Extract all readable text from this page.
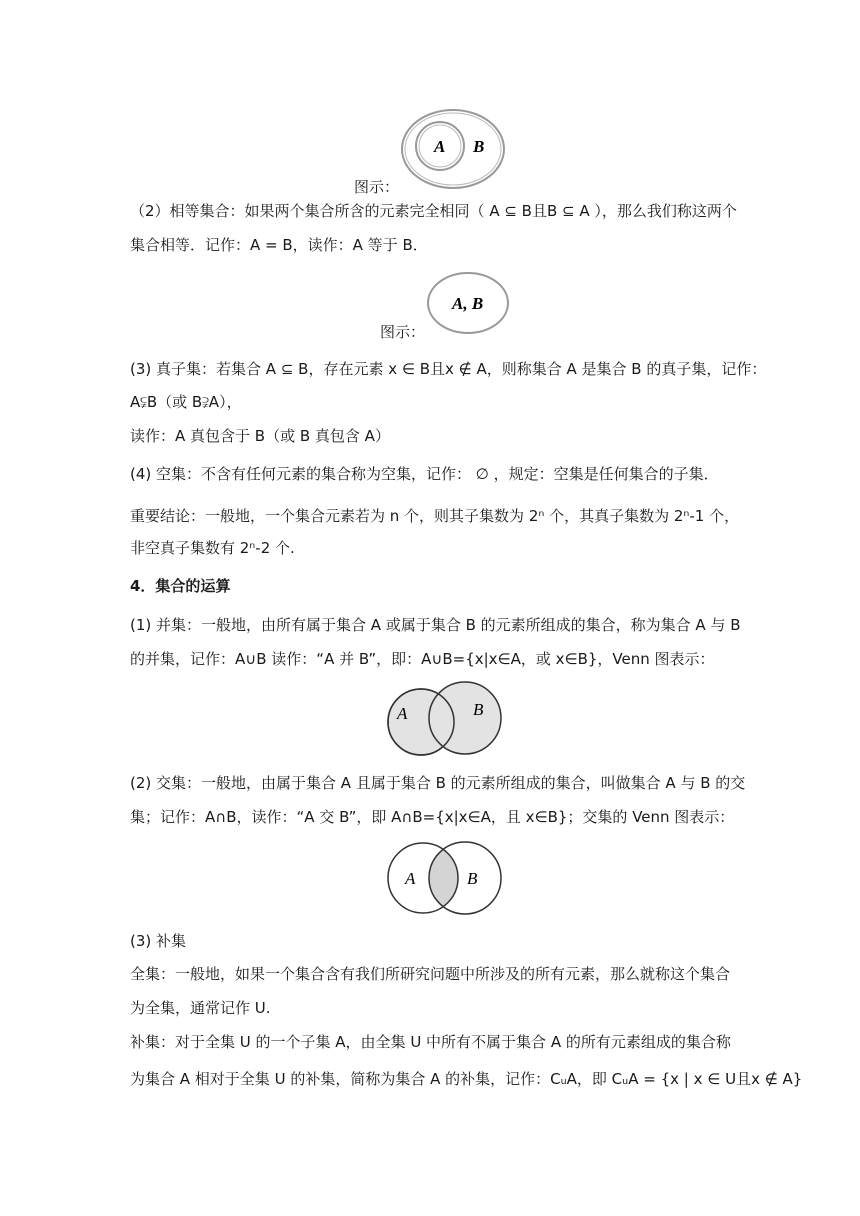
图示：
A B
（2）相等集合：如果两个集合所含的元素完全相同（ A ⊆ B且B ⊆ A ），那么我们称这两个
集合相等．记作：A = B，读作：A 等于 B．
图示：
A, B
(3) 真子集：若集合 A ⊆ B，存在元素 x ∈ B且x ∉ A，则称集合 A 是集合 B 的真子集，记作：
A⫋B（或 B⫌A），
读作：A 真包含于 B（或 B 真包含 A）
(4) 空集：不含有任何元素的集合称为空集，记作： ∅ ，规定：空集是任何集合的子集．
重要结论：一般地，一个集合元素若为 n 个，则其子集数为 2ⁿ 个，其真子集数为 2ⁿ-1 个，
非空真子集数有 2ⁿ-2 个.
4．集合的运算
(1) 并集：一般地，由所有属于集合 A 或属于集合 B 的元素所组成的集合，称为集合 A 与 B
的并集，记作：A∪B 读作：“A 并 B”，即：A∪B={x|x∈A，或 x∈B}，Venn 图表示：
A	B
(2) 交集：一般地，由属于集合 A 且属于集合 B 的元素所组成的集合，叫做集合 A 与 B 的交
集；记作：A∩B，读作：“A 交 B”，即 A∩B={x|x∈A，且 x∈B}；交集的 Venn 图表示：
A	B
(3) 补集
全集：一般地，如果一个集合含有我们所研究问题中所涉及的所有元素，那么就称这个集合
为全集，通常记作 U.
补集：对于全集 U 的一个子集 A，由全集 U 中所有不属于集合 A 的所有元素组成的集合称
为集合 A 相对于全集 U 的补集，简称为集合 A 的补集，记作：CᵤA，即 CᵤA = {x | x ∈ U且x ∉ A}
